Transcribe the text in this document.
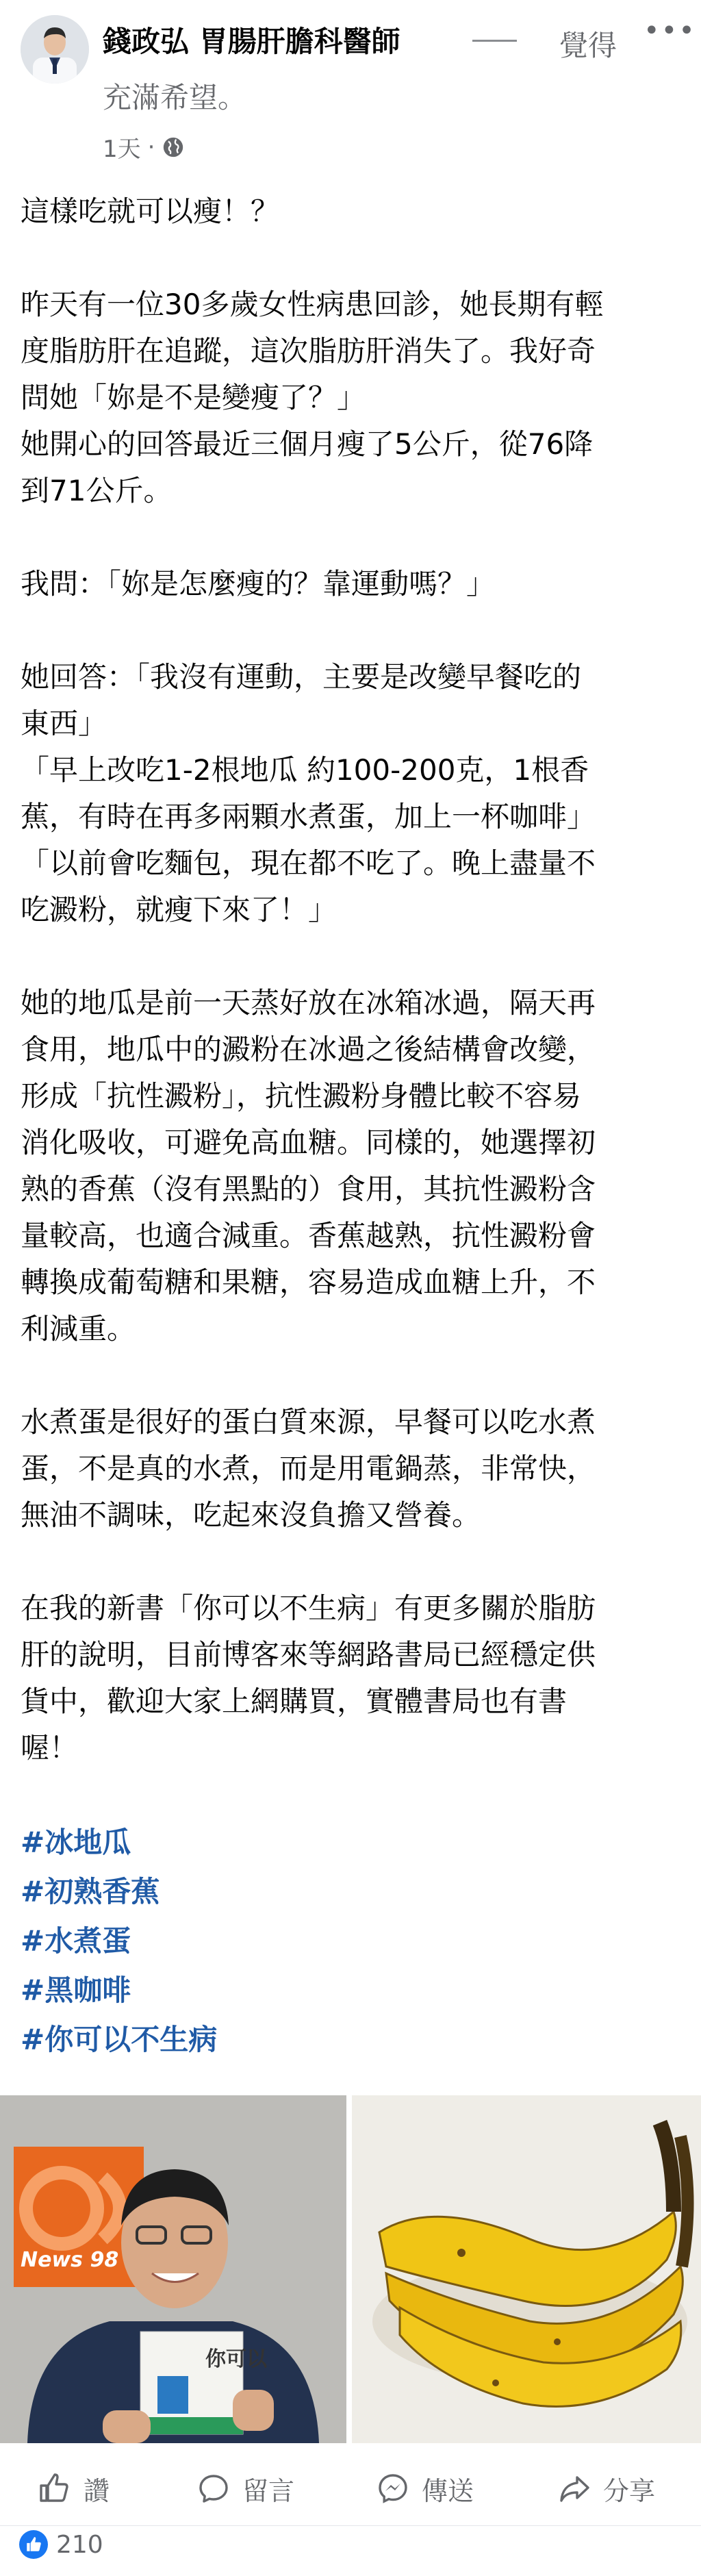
錢政弘 胃腸肝膽科醫師	覺得 •••
充滿希望。
1天 ·

這樣吃就可以瘦！？

昨天有一位30多歲女性病患回診，她長期有輕
度脂肪肝在追蹤，這次脂肪肝消失了。我好奇
問她「妳是不是變瘦了？」
她開心的回答最近三個月瘦了5公斤，從76降
到71公斤。

我問：「妳是怎麼瘦的？靠運動嗎？」

她回答：「我沒有運動，主要是改變早餐吃的
東西」
「早上改吃1-2根地瓜 約100-200克，1根香
蕉，有時在再多兩顆水煮蛋，加上一杯咖啡」
「以前會吃麵包，現在都不吃了。晚上盡量不
吃澱粉，就瘦下來了！」

她的地瓜是前一天蒸好放在冰箱冰過，隔天再
食用，地瓜中的澱粉在冰過之後結構會改變，
形成「抗性澱粉」，抗性澱粉身體比較不容易
消化吸收，可避免高血糖。同樣的，她選擇初
熟的香蕉（沒有黑點的）食用，其抗性澱粉含
量較高，也適合減重。香蕉越熟，抗性澱粉會
轉換成葡萄糖和果糖，容易造成血糖上升，不
利減重。

水煮蛋是很好的蛋白質來源，早餐可以吃水煮
蛋，不是真的水煮，而是用電鍋蒸，非常快，
無油不調味，吃起來沒負擔又營養。

在我的新書「你可以不生病」有更多關於脂肪
肝的說明，目前博客來等網路書局已經穩定供
貨中，歡迎大家上網購買，實體書局也有書
喔！

#冰地瓜
#初熟香蕉
#水煮蛋
#黑咖啡
#你可以不生病
News 98
你可以
讚	留言	傳送	分享
210
